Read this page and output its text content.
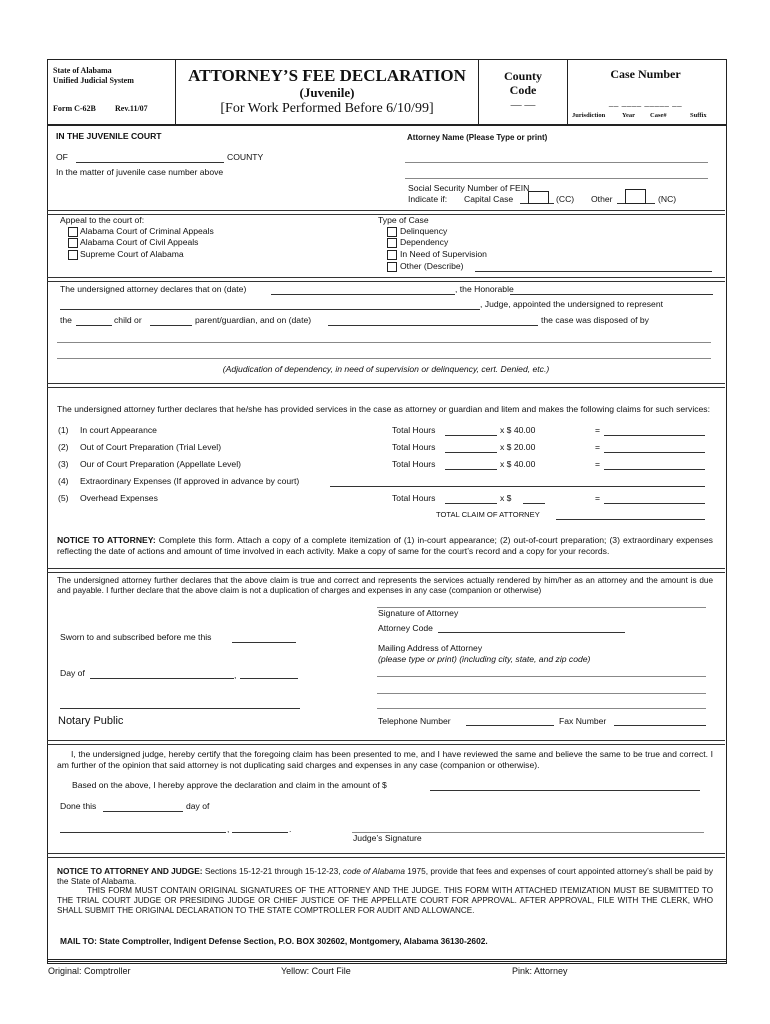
State of Alabama
Unified Judicial System
Form C-62B Rev.11/07
ATTORNEY’S FEE DECLARATION
(Juvenile)
[For Work Performed Before 6/10/99]
County Code
— —
Case Number
__ ____ _____ __
Jurisdiction	Year Case#	Suffix
IN THE JUVENILE COURT	Attorney Name (Please Type or print)
OF	COUNTY
In the matter of juvenile case number above
Social Security Number of FEIN
Indicate if: Capital Case	(CC) Other	(NC)
Appeal to the court of:
Alabama Court of Criminal Appeals
Alabama Court of Civil Appeals
Supreme Court of Alabama
Type of Case
Delinquency
Dependency
In Need of Supervision
Other (Describe)
The undersigned attorney declares that on (date)	, the Honorable
, Judge, appointed the undersigned to represent
the	child or	parent/guardian, and on (date)	the case was disposed of by
(Adjudication of dependency, in need of supervision or delinquency, cert. Denied, etc.)
The undersigned attorney further declares that he/she has provided services in the case as attorney or guardian and litem and makes the following claims for such services:
(1) In court Appearance	Total Hours	x $ 40.00	=
(2) Out of Court Preparation (Trial Level)	Total Hours	x $ 20.00	=
(3) Our of Court Preparation (Appellate Level)	Total Hours	x $ 40.00	=
(4) Extraordinary Expenses (If approved in advance by court)
(5) Overhead Expenses	Total Hours	x $	=
TOTAL CLAIM OF ATTORNEY
NOTICE TO ATTORNEY: Complete this form. Attach a copy of a complete itemization of (1) in-court appearance; (2) out-of-court preparation; (3) extraordinary expenses reflecting the date of actions and amount of time involved in each activity. Make a copy of same for the court’s record and a copy for your records.
The undersigned attorney further declares that the above claim is true and correct and represents the services actually rendered by him/her as an attorney and the amount is due and payable. I further declare that the above claim is not a duplication of charges and expenses in any case (companion or otherwise)
Signature of Attorney
Attorney Code
Sworn to and subscribed before me this
Mailing Address of Attorney
(please type or print) (including city, state, and zip code)
Day of	,
Notary Public	Telephone Number	Fax Number
I, the undersigned judge, hereby certify that the foregoing claim has been presented to me, and I have reviewed the same and believe the same to be true and correct. I am further of the opinion that said attorney is not duplicating said charges and expenses in any case (companion or otherwise).
Based on the above, I hereby approve the declaration and claim in the amount of $
Done this	day of
,	.
Judge’s Signature
NOTICE TO ATTORNEY AND JUDGE: Sections 15-12-21 through 15-12-23, code of Alabama 1975, provide that fees and expenses of court appointed attorney’s shall be paid by the State of Alabama.
THIS FORM MUST CONTAIN ORIGINAL SIGNATURES OF THE ATTORNEY AND THE JUDGE. THIS FORM WITH ATTACHED ITEMIZATION MUST BE SUBMITTED TO THE TRIAL COURT JUDGE OR PRESIDING JUDGE OR CHIEF JUSTICE OF THE APPELLATE COURT FOR APPROVAL. AFTER APPROVAL, FILE WITH THE CLERK, WHO SHALL SUBMIT THE ORIGINAL DECLARATION TO THE STATE COMPTROLLER FOR AUDIT AND ALLOWANCE.
MAIL TO: State Comptroller, Indigent Defense Section, P.O. BOX 302602, Montgomery, Alabama 36130-2602.
Original: Comptroller	Yellow: Court File	Pink: Attorney
